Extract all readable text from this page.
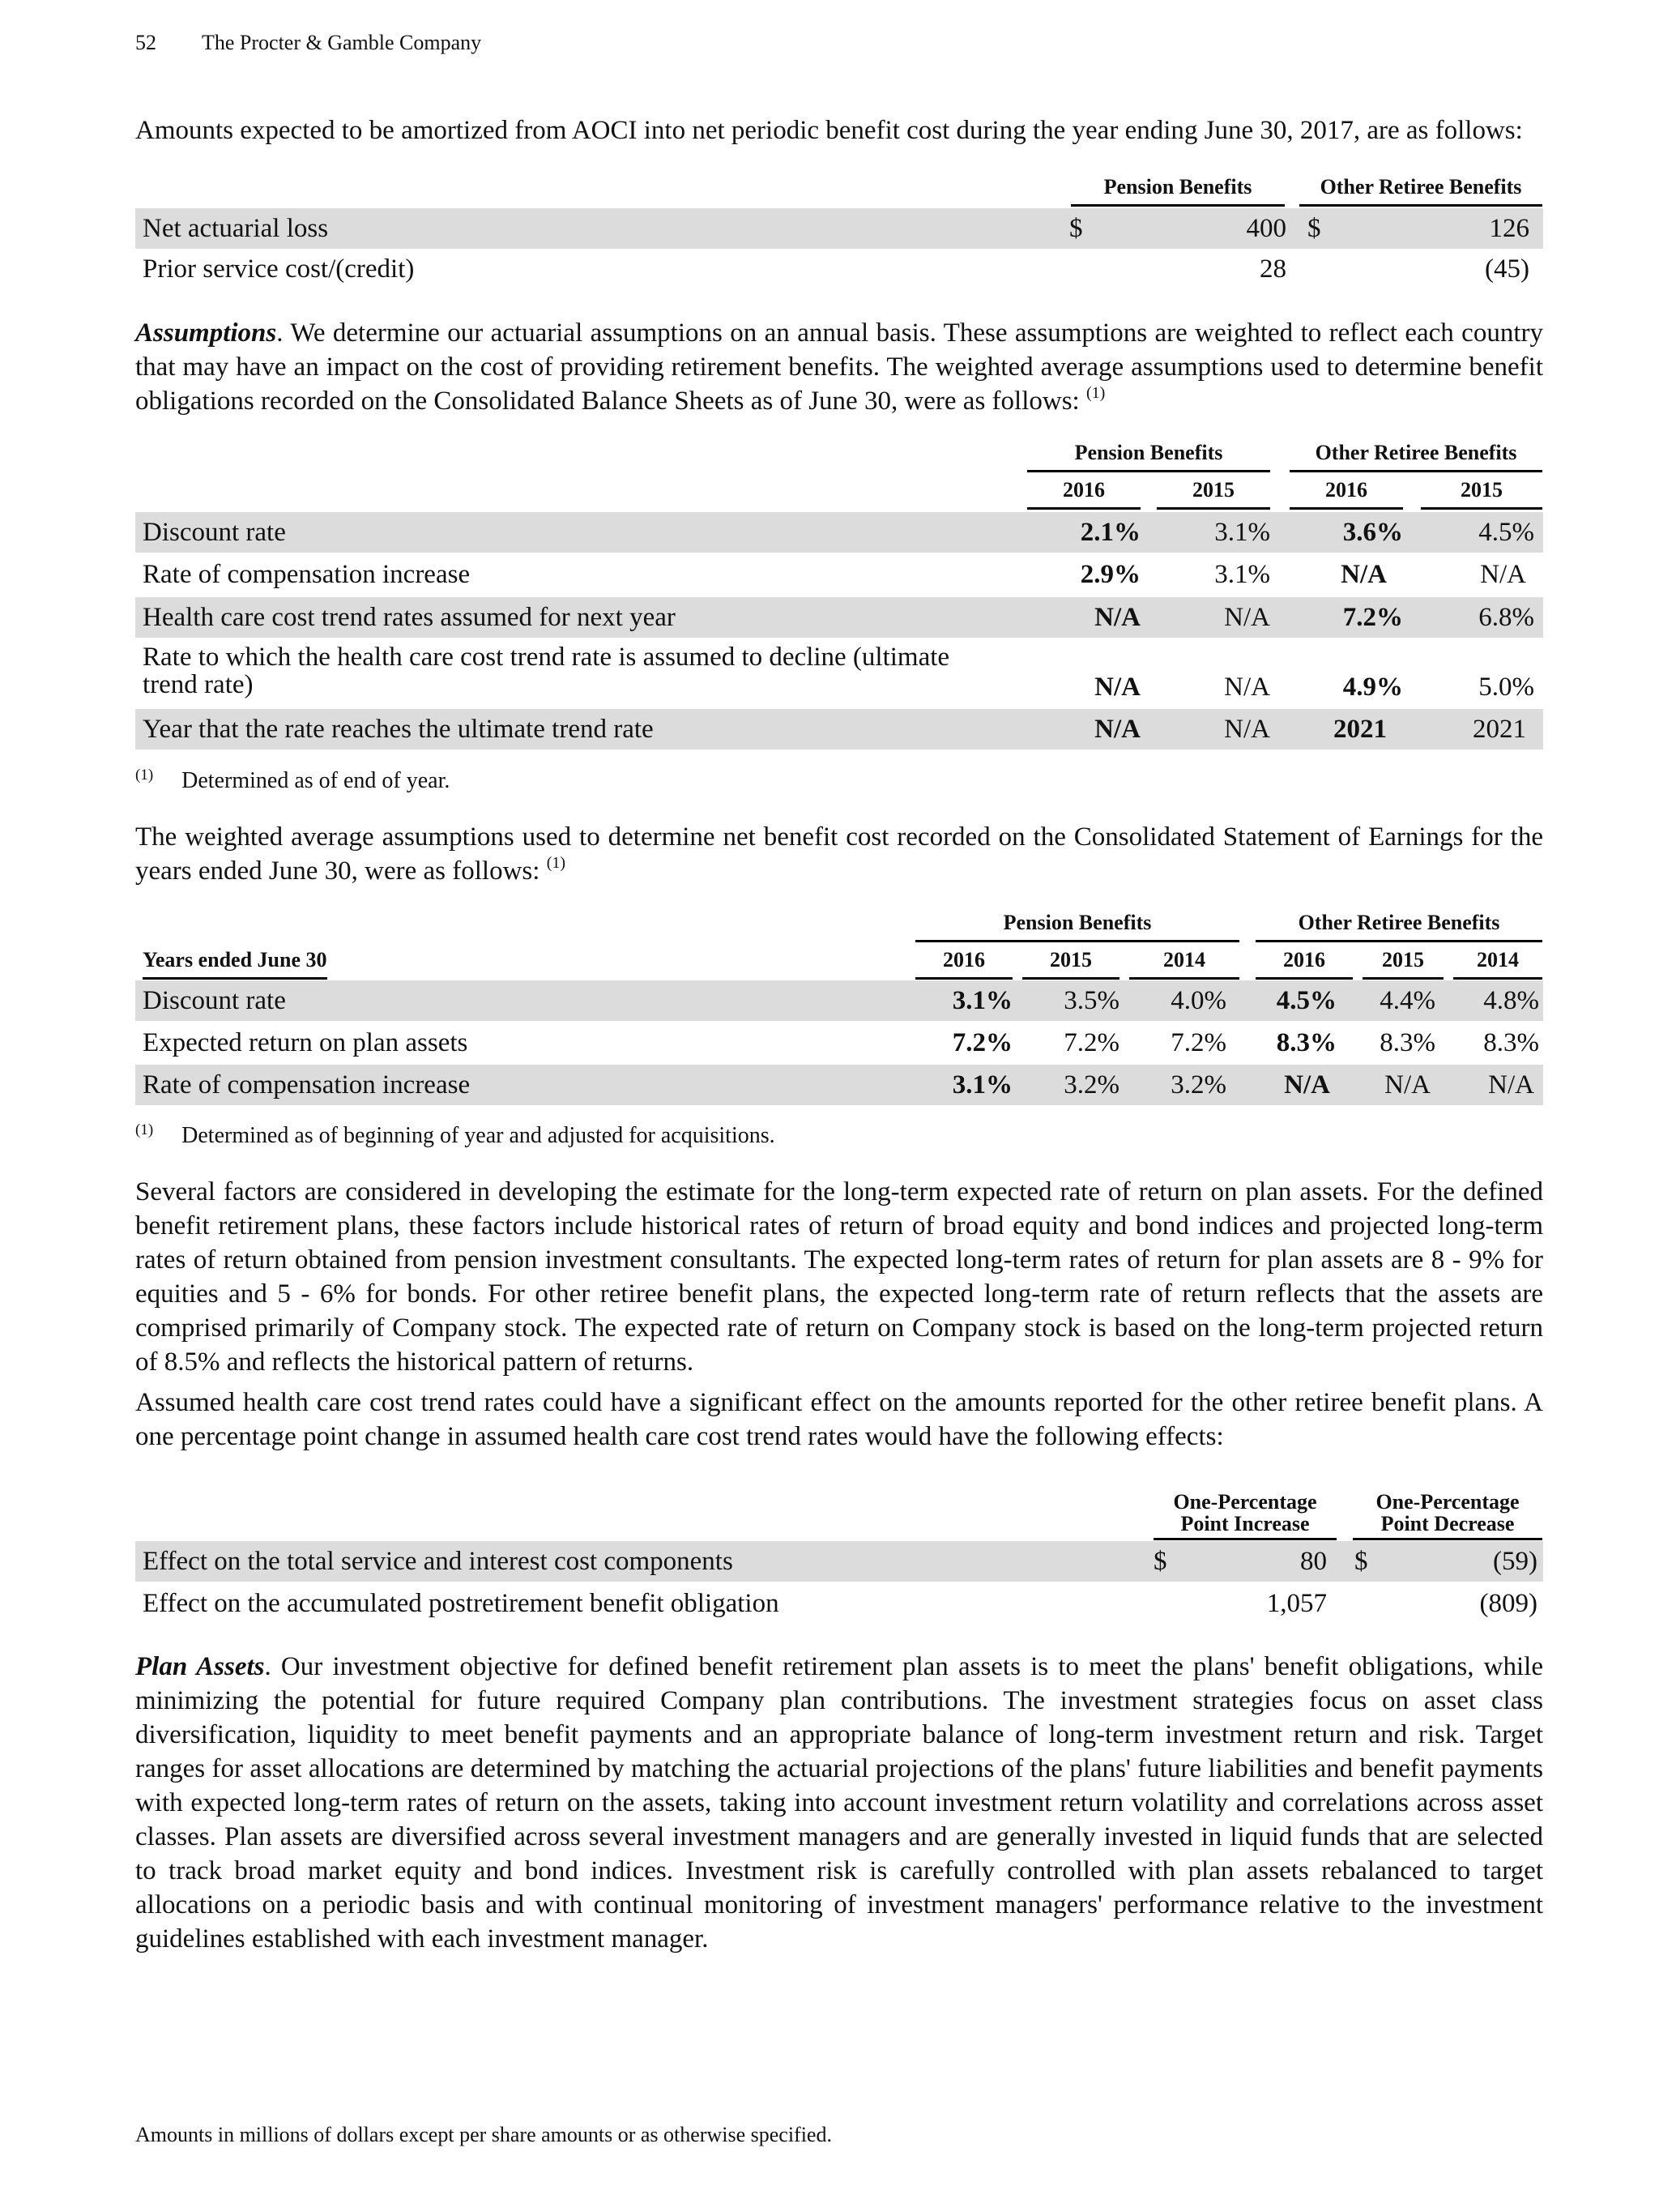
52 The Procter & Gamble Company

Amounts expected to be amortized from AOCI into net periodic benefit cost during the year ending June 30, 2017, are as follows:

Pension Benefits	Other Retiree Benefits
Net actuarial loss	$	400 $	126
Prior service cost/(credit)	28	(45)

Assumptions. We determine our actuarial assumptions on an annual basis. These assumptions are weighted to reflect each country that may have an impact on the cost of providing retirement benefits. The weighted average assumptions used to determine benefit obligations recorded on the Consolidated Balance Sheets as of June 30, were as follows: $^{(1)}$

Pension Benefits	Other Retiree Benefits
2016	2015	2016	2015
Discount rate	2.1%	3.1%	3.6%	4.5%
Rate of compensation increase	2.9%	3.1%	N/A	N/A
Health care cost trend rates assumed for next year	N/A	N/A	7.2%	6.8%
Rate to which the health care cost trend rate is assumed to decline (ultimate
trend rate)	N/A	N/A	4.9%	5.0%
Year that the rate reaches the ultimate trend rate	N/A	N/A	2021	2021
$^{(1)}$ Determined as of end of year.

The weighted average assumptions used to determine net benefit cost recorded on the Consolidated Statement of Earnings for the years ended June 30, were as follows: $^{(1)}$

Pension Benefits	Other Retiree Benefits
Years ended June 30	2016	2015	2014	2016	2015	2014
Discount rate	3.1%	3.5%	4.0%	4.5%	4.4%	4.8%
Expected return on plan assets	7.2%	7.2%	7.2%	8.3%	8.3%	8.3%
Rate of compensation increase	3.1%	3.2%	3.2%	N/A	N/A	N/A
$^{(1)}$ Determined as of beginning of year and adjusted for acquisitions.

Several factors are considered in developing the estimate for the long-term expected rate of return on plan assets. For the defined benefit retirement plans, these factors include historical rates of return of broad equity and bond indices and projected long-term rates of return obtained from pension investment consultants. The expected long-term rates of return for plan assets are 8 - 9% for equities and 5 - 6% for bonds. For other retiree benefit plans, the expected long-term rate of return reflects that the assets are comprised primarily of Company stock. The expected rate of return on Company stock is based on the long-term projected return of 8.5% and reflects the historical pattern of returns.

Assumed health care cost trend rates could have a significant effect on the amounts reported for the other retiree benefit plans. A one percentage point change in assumed health care cost trend rates would have the following effects:

One-Percentage
Point Increase
One-Percentage
Point Decrease
Effect on the total service and interest cost components	$	80 $	(59)
Effect on the accumulated postretirement benefit obligation	1,057	(809)

Plan Assets. Our investment objective for defined benefit retirement plan assets is to meet the plans' benefit obligations, while minimizing the potential for future required Company plan contributions. The investment strategies focus on asset class diversification, liquidity to meet benefit payments and an appropriate balance of long-term investment return and risk. Target ranges for asset allocations are determined by matching the actuarial projections of the plans' future liabilities and benefit payments with expected long-term rates of return on the assets, taking into account investment return volatility and correlations across asset classes. Plan assets are diversified across several investment managers and are generally invested in liquid funds that are selected to track broad market equity and bond indices. Investment risk is carefully controlled with plan assets rebalanced to target allocations on a periodic basis and with continual monitoring of investment managers' performance relative to the investment guidelines established with each investment manager.

Amounts in millions of dollars except per share amounts or as otherwise specified.
